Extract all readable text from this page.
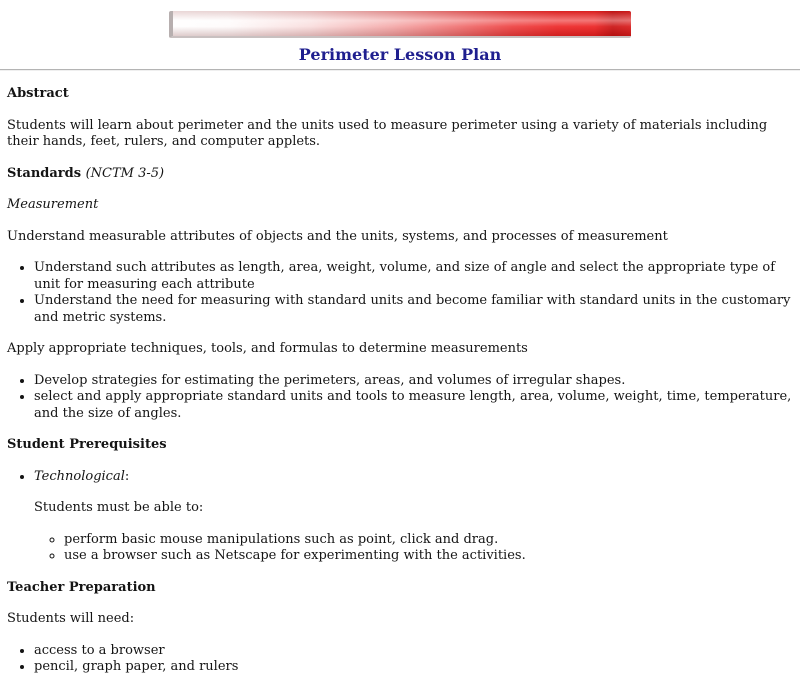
Perimeter Lesson Plan
Abstract

Students will learn about perimeter and the units used to measure perimeter using a variety of materials including their hands, feet, rulers, and computer applets.

Standards (NCTM 3-5)

Measurement

Understand measurable attributes of objects and the units, systems, and processes of measurement

• Understand such attributes as length, area, weight, volume, and size of angle and select the appropriate type of unit for measuring each attribute
• Understand the need for measuring with standard units and become familiar with standard units in the customary and metric systems.

Apply appropriate techniques, tools, and formulas to determine measurements

• Develop strategies for estimating the perimeters, areas, and volumes of irregular shapes.
• select and apply appropriate standard units and tools to measure length, area, volume, weight, time, temperature, and the size of angles.
Student Prerequisites
• Technological:

Students must be able to:

◦ perform basic mouse manipulations such as point, click and drag.
◦ use a browser such as Netscape for experimenting with the activities.
Teacher Preparation

Students will need:

• access to a browser
• pencil, graph paper, and rulers
